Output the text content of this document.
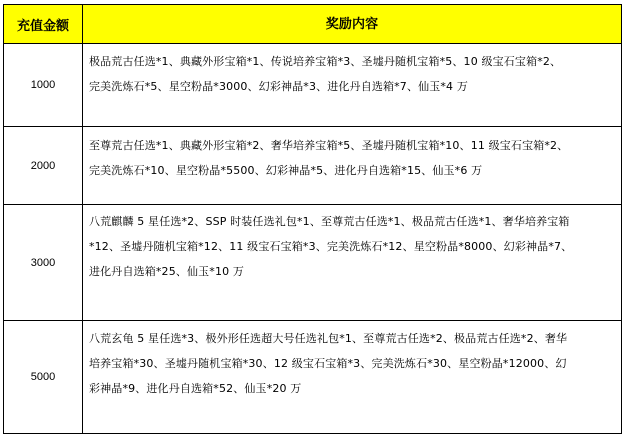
充值金额	奖励内容
1000
极品荒古任选*1、典藏外形宝箱*1、传说培养宝箱*3、圣墟丹随机宝箱*5、10 级宝石宝箱*2、
完美洗炼石*5、星空粉晶*3000、幻彩神晶*3、进化丹自选箱*7、仙玉*4 万
2000
至尊荒古任选*1、典藏外形宝箱*2、奢华培养宝箱*5、圣墟丹随机宝箱*10、11 级宝石宝箱*2、
完美洗炼石*10、星空粉晶*5500、幻彩神晶*5、进化丹自选箱*15、仙玉*6 万
3000
八荒麒麟 5 星任选*2、SSP 时装任选礼包*1、至尊荒古任选*1、极品荒古任选*1、奢华培养宝箱
*12、圣墟丹随机宝箱*12、11 级宝石宝箱*3、完美洗炼石*12、星空粉晶*8000、幻彩神晶*7、
进化丹自选箱*25、仙玉*10 万
5000
八荒玄龟 5 星任选*3、极外形任选超大号任选礼包*1、至尊荒古任选*2、极品荒古任选*2、奢华
培养宝箱*30、圣墟丹随机宝箱*30、12 级宝石宝箱*3、完美洗炼石*30、星空粉晶*12000、幻
彩神晶*9、进化丹自选箱*52、仙玉*20 万
